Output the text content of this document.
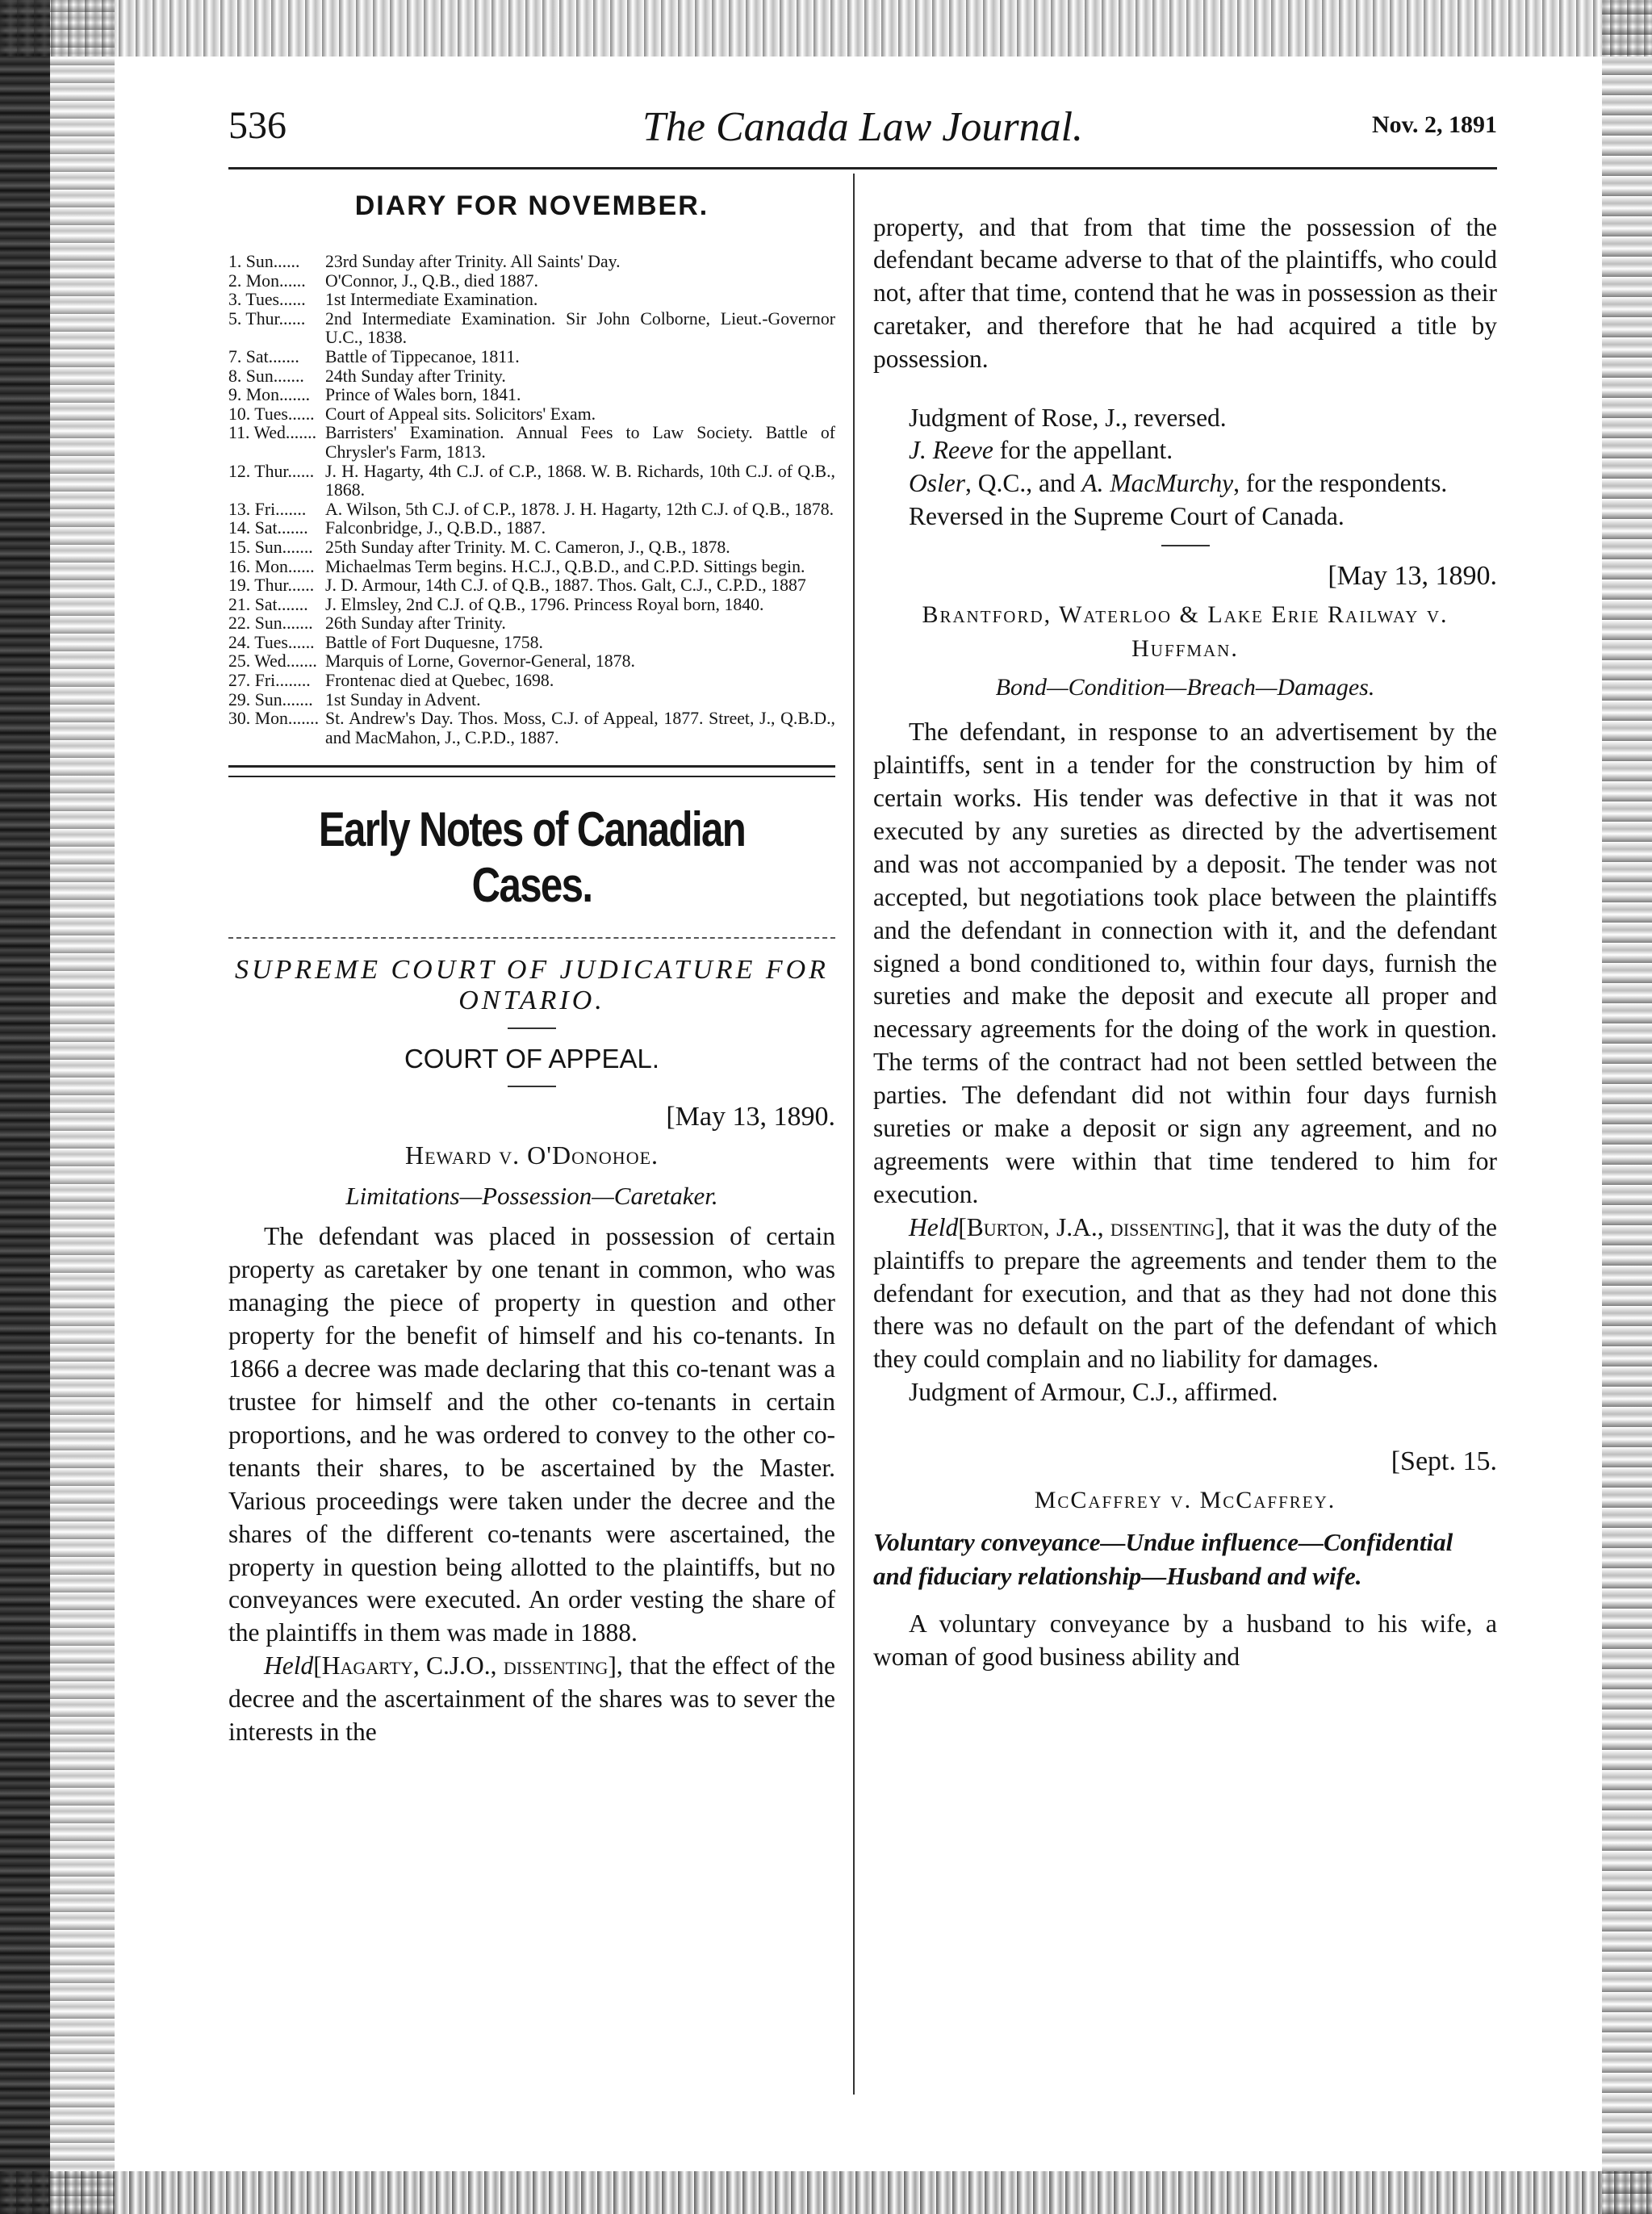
536	The Canada Law Journal.	Nov. 2, 1891
DIARY FOR NOVEMBER.
1. Sun......	23rd Sunday after Trinity. All Saints' Day.
2. Mon......	O'Connor, J., Q.B., died 1887.
3. Tues......	1st Intermediate Examination.
5. Thur......	2nd Intermediate Examination. Sir John Colborne, Lieut.-Governor U.C., 1838.
7. Sat.......	Battle of Tippecanoe, 1811.
8. Sun.......	24th Sunday after Trinity.
9. Mon....... Prince of Wales born, 1841.
10. Tues...... Court of Appeal sits. Solicitors' Exam.
11. Wed....... Barristers' Examination. Annual Fees to Law Society. Battle of Chrysler's Farm, 1813.
12. Thur...... J. H. Hagarty, 4th C.J. of C.P., 1868. W. B. Richards, 10th C.J. of Q.B., 1868.
13. Fri.......	A. Wilson, 5th C.J. of C.P., 1878. J. H. Hagarty, 12th C.J. of Q.B., 1878.
14. Sat....... Falconbridge, J., Q.B.D., 1887.
15. Sun....... 25th Sunday after Trinity. M. C. Cameron, J., Q.B., 1878.
16. Mon...... Michaelmas Term begins. H.C.J., Q.B.D., and C.P.D. Sittings begin.
19. Thur...... J. D. Armour, 14th C.J. of Q.B., 1887. Thos. Galt, C.J., C.P.D., 1887
21. Sat....... J. Elmsley, 2nd C.J. of Q.B., 1796. Princess Royal born, 1840.
22. Sun....... 26th Sunday after Trinity.
24. Tues...... Battle of Fort Duquesne, 1758.
25. Wed....... Marquis of Lorne, Governor-General, 1878.
27. Fri........ Frontenac died at Quebec, 1698.
29. Sun....... 1st Sunday in Advent.
30. Mon....... St. Andrew's Day. Thos. Moss, C.J. of Appeal, 1877. Street, J., Q.B.D., and MacMahon, J., C.P.D., 1887.
Early Notes of Canadian Cases.
SUPREME COURT OF JUDICATURE FOR ONTARIO.
COURT OF APPEAL.
[May 13, 1890.
Heward v. O'Donohoe.
Limitations—Possession—Caretaker.

The defendant was placed in possession of certain property as caretaker by one tenant in common, who was managing the piece of property in question and other property for the benefit of himself and his co-tenants. In 1866 a decree was made declaring that this co-tenant was a trustee for himself and the other co-tenants in certain proportions, and he was ordered to convey to the other co-tenants their shares, to be ascertained by the Master. Various proceedings were taken under the decree and the shares of the different co-tenants were ascertained, the property in question being allotted to the plaintiffs, but no conveyances were executed. An order vesting the share of the plaintiffs in them was made in 1888.

Held[Hagarty, C.J.O., dissenting], that the effect of the decree and the ascertainment of the shares was to sever the interests in the

property, and that from that time the possession of the defendant became adverse to that of the plaintiffs, who could not, after that time, contend that he was in possession as their caretaker, and therefore that he had acquired a title by possession.

Judgment of Rose, J., reversed.
J. Reeve for the appellant.
Osler, Q.C., and A. MacMurchy, for the respondents.
Reversed in the Supreme Court of Canada.
[May 13, 1890.
Brantford, Waterloo & Lake Erie Railway v. Huffman.
Bond—Condition—Breach—Damages.

The defendant, in response to an advertisement by the plaintiffs, sent in a tender for the construction by him of certain works. His tender was defective in that it was not executed by any sureties as directed by the advertisement and was not accompanied by a deposit. The tender was not accepted, but negotiations took place between the plaintiffs and the defendant in connection with it, and the defendant signed a bond conditioned to, within four days, furnish the sureties and make the deposit and execute all proper and necessary agreements for the doing of the work in question. The terms of the contract had not been settled between the parties. The defendant did not within four days furnish sureties or make a deposit or sign any agreement, and no agreements were within that time tendered to him for execution.

Held[Burton, J.A., dissenting], that it was the duty of the plaintiffs to prepare the agreements and tender them to the defendant for execution, and that as they had not done this there was no default on the part of the defendant of which they could complain and no liability for damages.

Judgment of Armour, C.J., affirmed.
[Sept. 15.
McCaffrey v. McCaffrey.
Voluntary conveyance—Undue influence—Confidential and fiduciary relationship—Husband and wife.

A voluntary conveyance by a husband to his wife, a woman of good business ability and
